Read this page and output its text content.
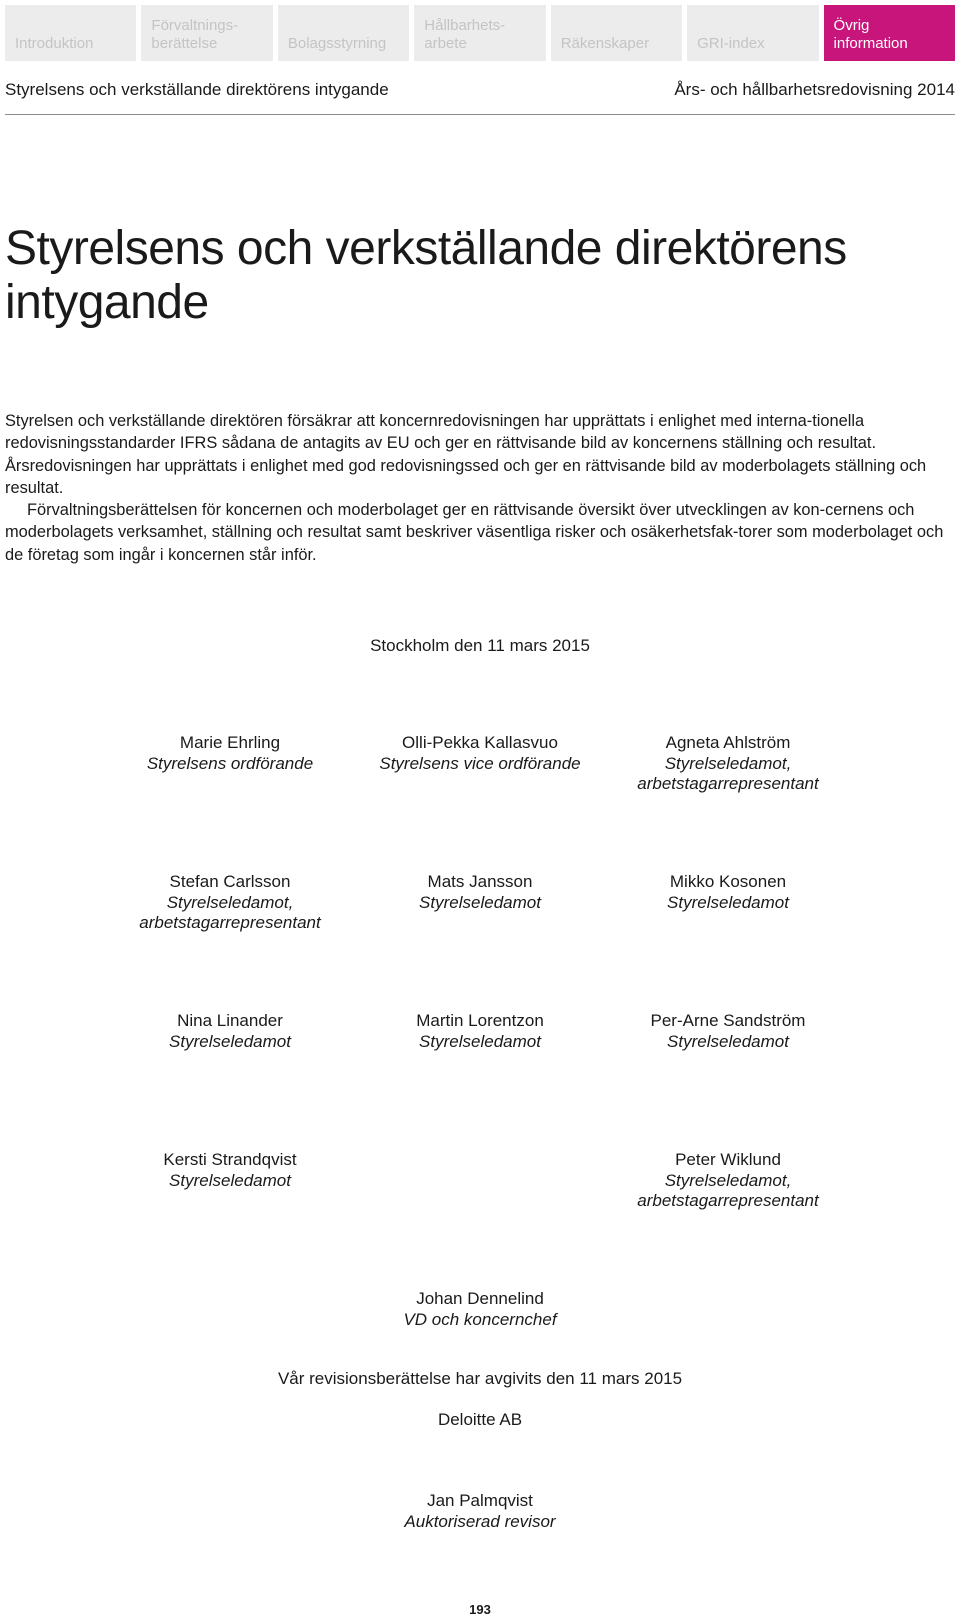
Introduktion
Förvaltnings-
berättelse	Bolagsstyrning
Hållbarhets-
arbete	Räkenskaper	GRI-index
Övrig
information
Styrelsens och verkställande direktörens intygande	Års- och hållbarhetsredovisning 2014
Styrelsens och verkställande direktörens intygande

Styrelsen och verkställande direktören försäkrar att koncernredovisningen har upprättats i enlighet med interna-tionella redovisningsstandarder IFRS sådana de antagits av EU och ger en rättvisande bild av koncernens ställning och resultat. Årsredovisningen har upprättats i enlighet med god redovisningssed och ger en rättvisande bild av moderbolagets ställning och resultat.

Förvaltningsberättelsen för koncernen och moderbolaget ger en rättvisande översikt över utvecklingen av kon-cernens och moderbolagets verksamhet, ställning och resultat samt beskriver väsentliga risker och osäkerhetsfak-torer som moderbolaget och de företag som ingår i koncernen står inför.

Stockholm den 11 mars 2015
Marie Ehrling
Styrelsens ordförande
Olli-Pekka Kallasvuo
Styrelsens vice ordförande
Agneta Ahlström
Styrelseledamot,
arbetstagarrepresentant
Stefan Carlsson
Styrelseledamot,
arbetstagarrepresentant
Mats Jansson
Styrelseledamot
Mikko Kosonen
Styrelseledamot
Nina Linander
Styrelseledamot
Martin Lorentzon
Styrelseledamot
Per-Arne Sandström
Styrelseledamot
Kersti Strandqvist
Styrelseledamot
Peter Wiklund
Styrelseledamot,
arbetstagarrepresentant
Johan Dennelind
VD och koncernchef
Vår revisionsberättelse har avgivits den 11 mars 2015
Deloitte AB
Jan Palmqvist
Auktoriserad revisor
193
